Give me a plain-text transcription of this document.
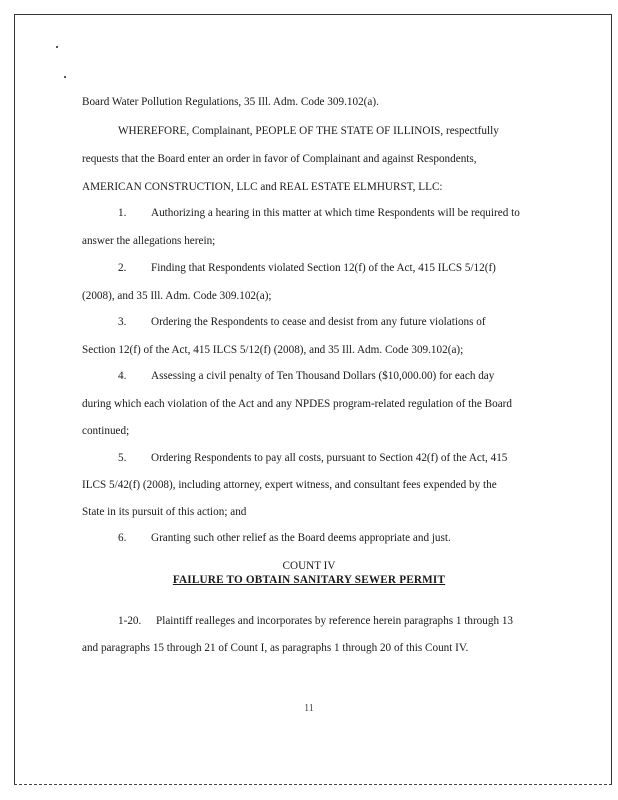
Board Water Pollution Regulations, 35 Ill. Adm. Code 309.102(a).
WHEREFORE, Complainant, PEOPLE OF THE STATE OF ILLINOIS, respectfully
requests that the Board enter an order in favor of Complainant and against Respondents,
AMERICAN CONSTRUCTION, LLC and REAL ESTATE ELMHURST, LLC:
1. Authorizing a hearing in this matter at which time Respondents will be required to
answer the allegations herein;
2. Finding that Respondents violated Section 12(f) of the Act, 415 ILCS 5/12(f)
(2008), and 35 Ill. Adm. Code 309.102(a);
3. Ordering the Respondents to cease and desist from any future violations of
Section 12(f) of the Act, 415 ILCS 5/12(f) (2008), and 35 Ill. Adm. Code 309.102(a);
4. Assessing a civil penalty of Ten Thousand Dollars ($10,000.00) for each day
during which each violation of the Act and any NPDES program-related regulation of the Board
continued;
5. Ordering Respondents to pay all costs, pursuant to Section 42(f) of the Act, 415
ILCS 5/42(f) (2008), including attorney, expert witness, and consultant fees expended by the
State in its pursuit of this action; and
6. Granting such other relief as the Board deems appropriate and just.
COUNT IV
FAILURE TO OBTAIN SANITARY SEWER PERMIT
1-20. Plaintiff realleges and incorporates by reference herein paragraphs 1 through 13
and paragraphs 15 through 21 of Count I, as paragraphs 1 through 20 of this Count IV.
11
